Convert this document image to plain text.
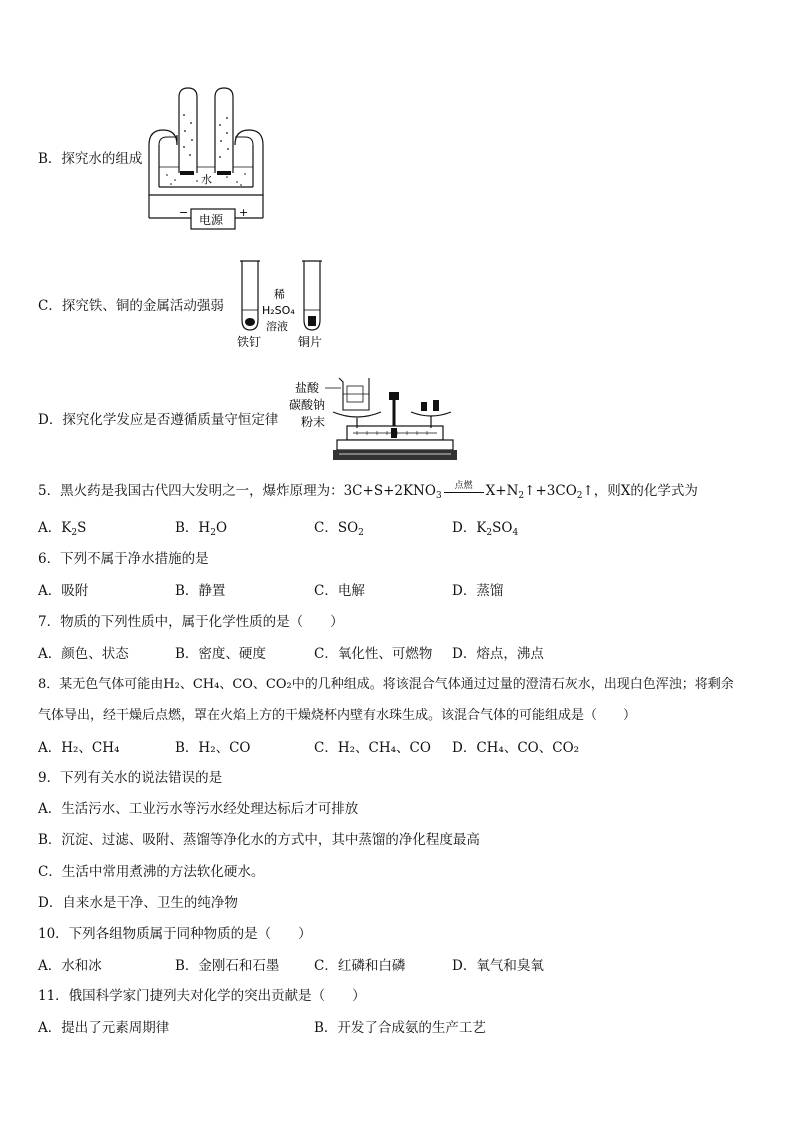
B．探究水的组成
水
电源
−	+
C．探究铁、铜的金属活动强弱
稀
H₂SO₄
溶液
铁钉	铜片
D．探究化学发应是否遵循质量守恒定律
盐酸
碳酸钠
粉末
5．黑火药是我国古代四大发明之一，爆炸原理为：$3C+S+2KNO_3$
点燃 $X+N_2↑+3CO_2↑$，则X的化学式为
A．$K_2S$	B．$H_2O$	C．$SO_2$	D．$K_2SO_4$
6．下列不属于净水措施的是
A．吸附	B．静置	C．电解	D．蒸馏
7．物质的下列性质中，属于化学性质的是（　　）
A．颜色、状态	B．密度、硬度	C．氧化性、可燃物 D．熔点，沸点
8．某无色气体可能由H₂、CH₄、CO、CO₂中的几种组成。将该混合气体通过过量的澄清石灰水，出现白色浑浊；将剩余
气体导出，经干燥后点燃，罩在火焰上方的干燥烧杯内壁有水珠生成。该混合气体的可能组成是（　　）
A．H₂、CH₄	B．H₂、CO	C．H₂、CH₄、CO D．CH₄、CO、CO₂
9．下列有关水的说法错误的是
A．生活污水、工业污水等污水经处理达标后才可排放
B．沉淀、过滤、吸附、蒸馏等净化水的方式中，其中蒸馏的净化程度最高
C．生活中常用煮沸的方法软化硬水。
D．自来水是干净、卫生的纯净物
10．下列各组物质属于同种物质的是（　　）
A．水和冰	B．金刚石和石墨	C．红磷和白磷	D．氧气和臭氧
11．俄国科学家门捷列夫对化学的突出贡献是（　　）
A．提出了元素周期律	B．开发了合成氨的生产工艺
